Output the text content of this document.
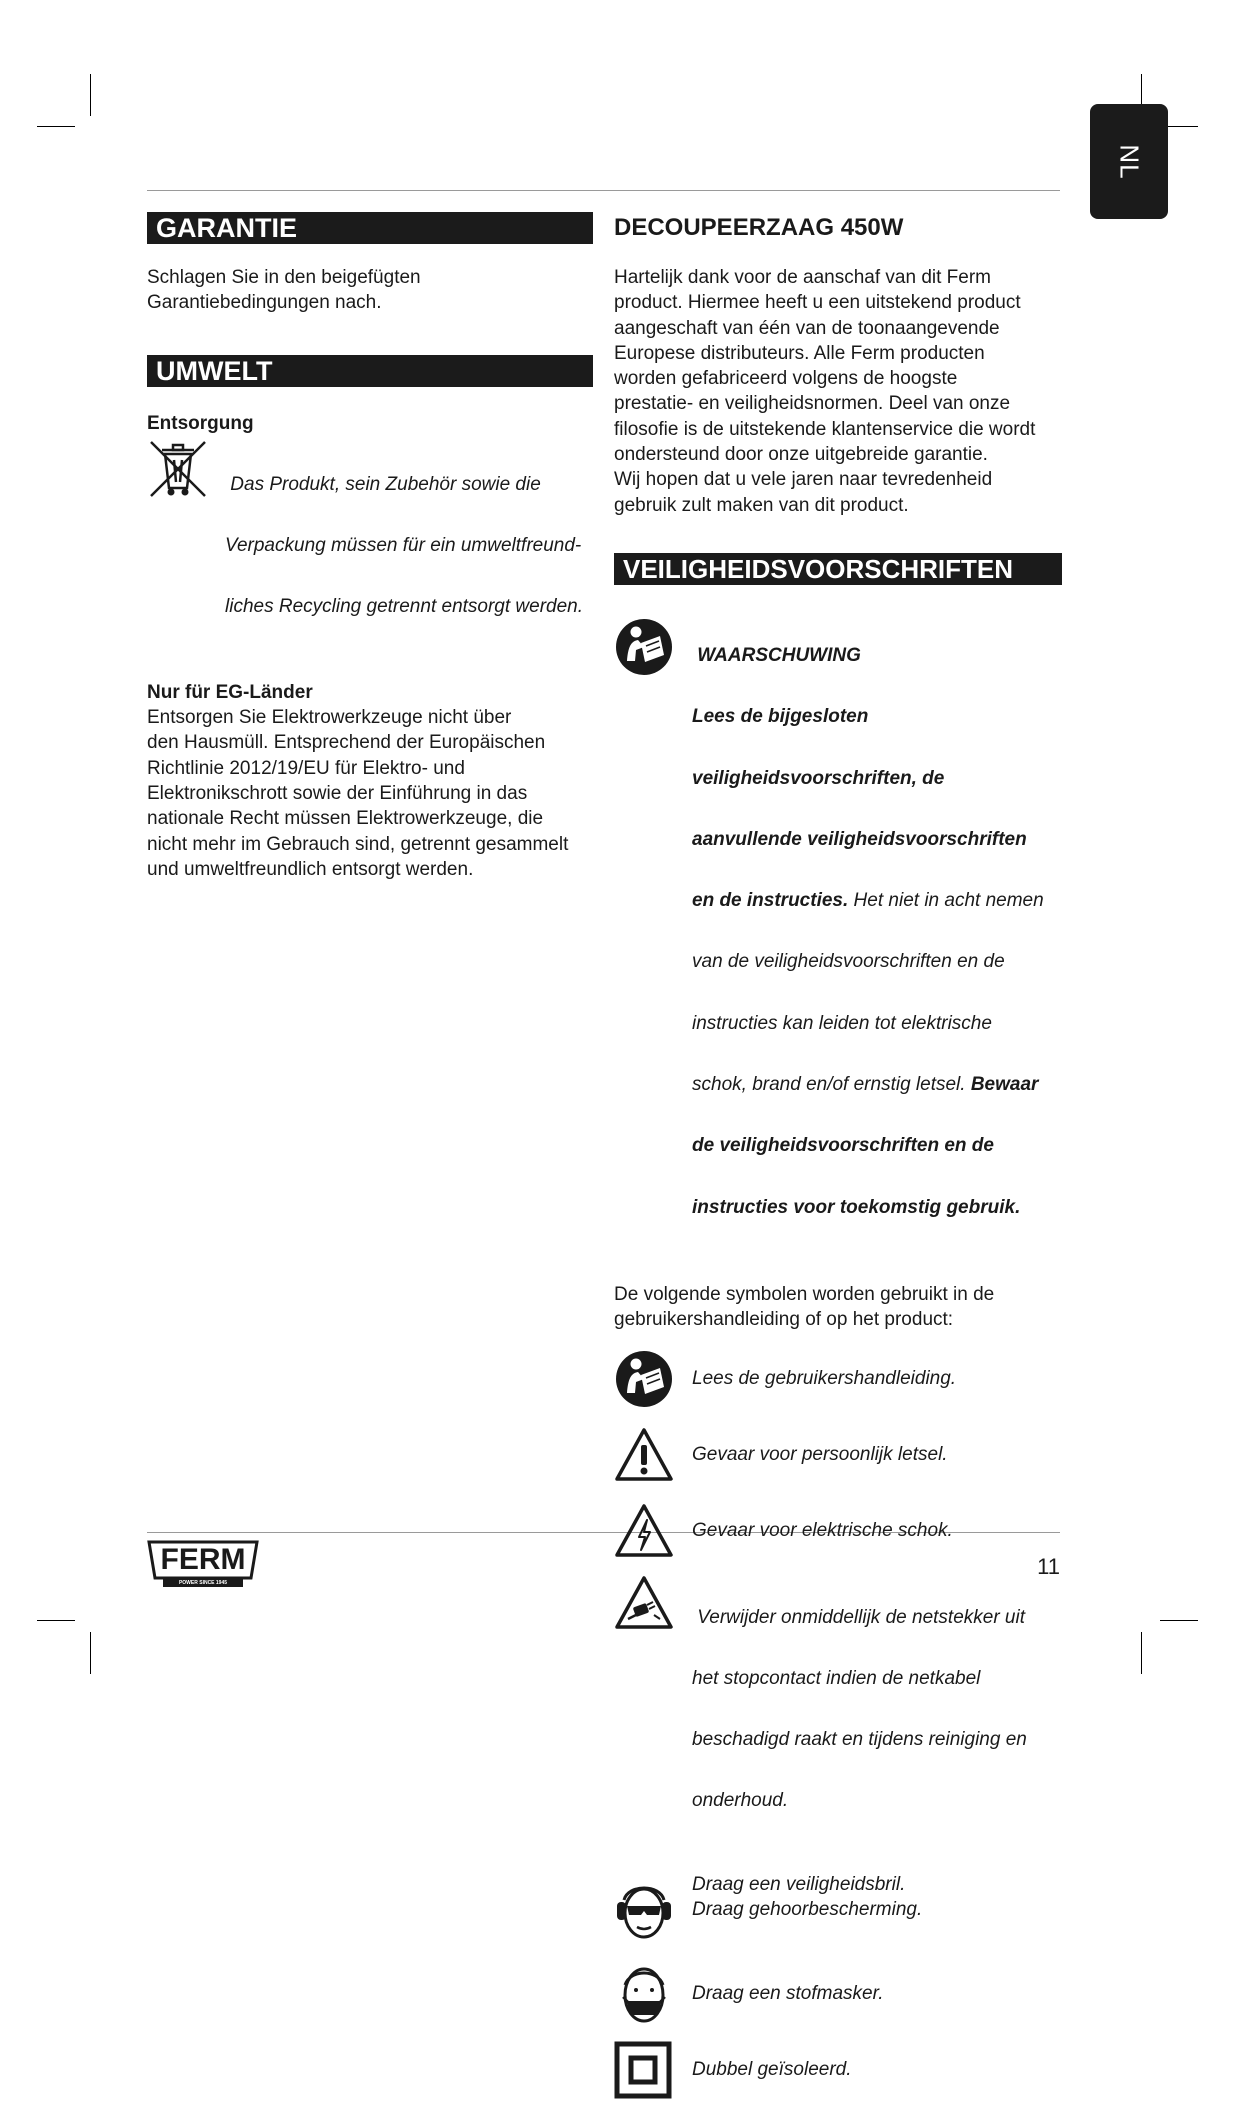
NL
GARANTIE

Schlagen Sie in den beigefügten

Garantiebedingungen nach.

UMWELT

Entsorgung

Das Produkt, sein Zubehör sowie die

Verpackung müssen für ein umweltfreund-

liches Recycling getrennt entsorgt werden.

Nur für EG-Länder

Entsorgen Sie Elektrowerkzeuge nicht über

den Hausmüll. Entsprechend der Europäischen

Richtlinie 2012/19/EU für Elektro- und

Elektronikschrott sowie der Einführung in das

nationale Recht müssen Elektrowerkzeuge, die

nicht mehr im Gebrauch sind, getrennt gesammelt

und umweltfreundlich entsorgt werden.

DECOUPEERZAAG 450W

Hartelijk dank voor de aanschaf van dit Ferm

product. Hiermee heeft u een uitstekend product

aangeschaft van één van de toonaangevende

Europese distributeurs. Alle Ferm producten

worden gefabriceerd volgens de hoogste

prestatie- en veiligheidsnormen. Deel van onze

filosofie is de uitstekende klantenservice die wordt

ondersteund door onze uitgebreide garantie.

Wij hopen dat u vele jaren naar tevredenheid

gebruik zult maken van dit product.

VEILIGHEIDSVOORSCHRIFTEN

WAARSCHUWING

Lees de bijgesloten

veiligheidsvoorschriften, de

aanvullende veiligheidsvoorschriften

en de instructies. Het niet in acht nemen

van de veiligheidsvoorschriften en de

instructies kan leiden tot elektrische

schok, brand en/of ernstig letsel. Bewaar

de veiligheidsvoorschriften en de

instructies voor toekomstig gebruik.

De volgende symbolen worden gebruikt in de

gebruikershandleiding of op het product:

Lees de gebruikershandleiding.

Gevaar voor persoonlijk letsel.

Gevaar voor elektrische schok.

Verwijder onmiddellijk de netstekker uit

het stopcontact indien de netkabel

beschadigd raakt en tijdens reiniging en

onderhoud.

Draag een veiligheidsbril.

Draag gehoorbescherming.

Draag een stofmasker.

Dubbel geïsoleerd.

FERM
POWER SINCE 1945
11
